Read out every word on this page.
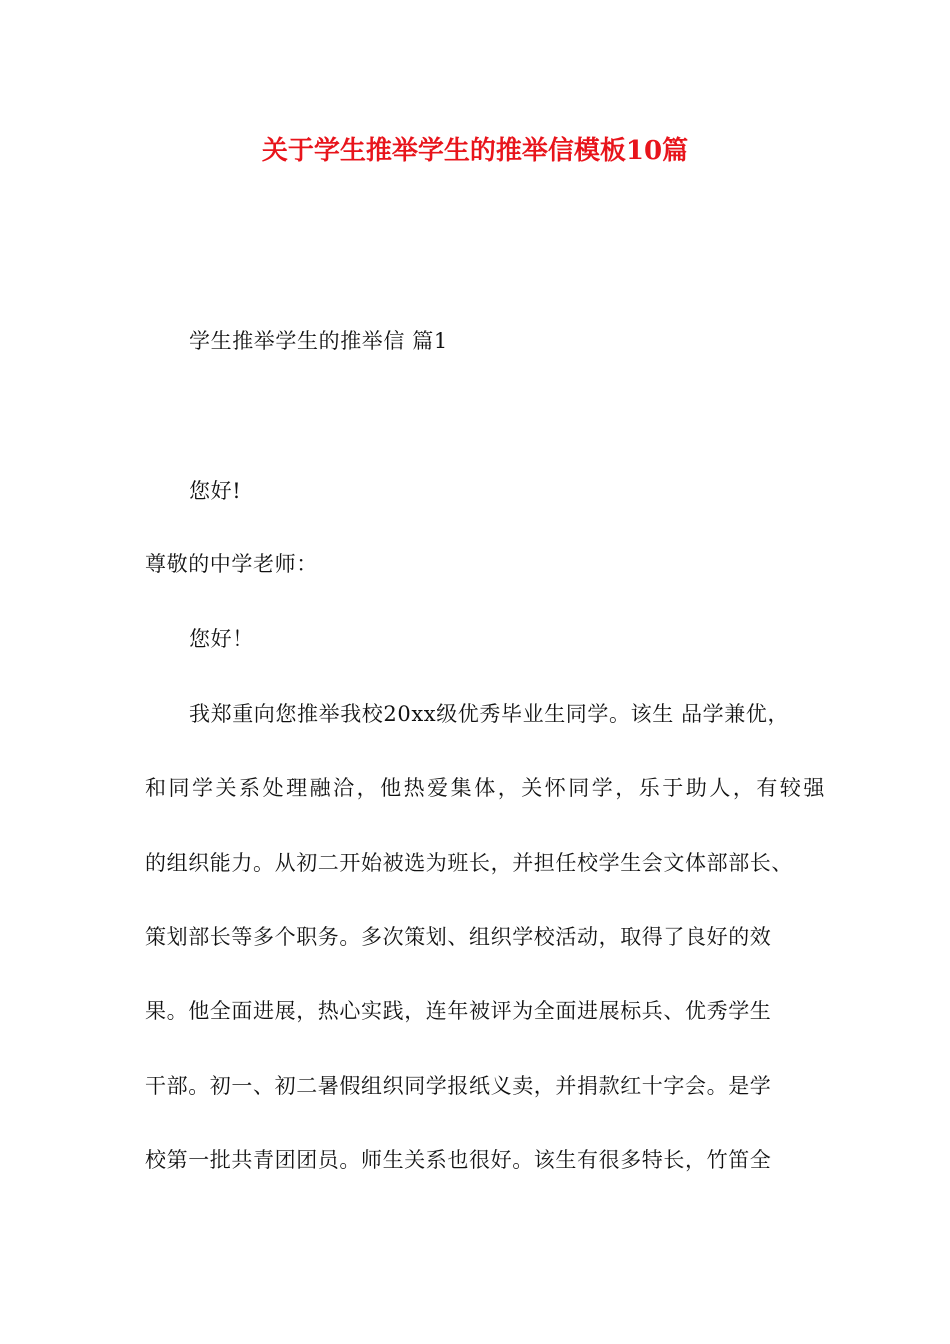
关于学生推举学生的推举信模板10篇
学生推举学生的推举信 篇1
您好!
尊敬的中学老师：
您好！
我郑重向您推举我校20xx级优秀毕业生同学。该生 品学兼优，
和同学关系处理融洽，他热爱集体，关怀同学，乐于助人，有较强
的组织能力。从初二开始被选为班长，并担任校学生会文体部部长、
策划部长等多个职务。多次策划、组织学校活动，取得了良好的效
果。他全面进展，热心实践，连年被评为全面进展标兵、优秀学生
干部。初一、初二暑假组织同学报纸义卖，并捐款红十字会。是学
校第一批共青团团员。师生关系也很好。该生有很多特长，竹笛全
